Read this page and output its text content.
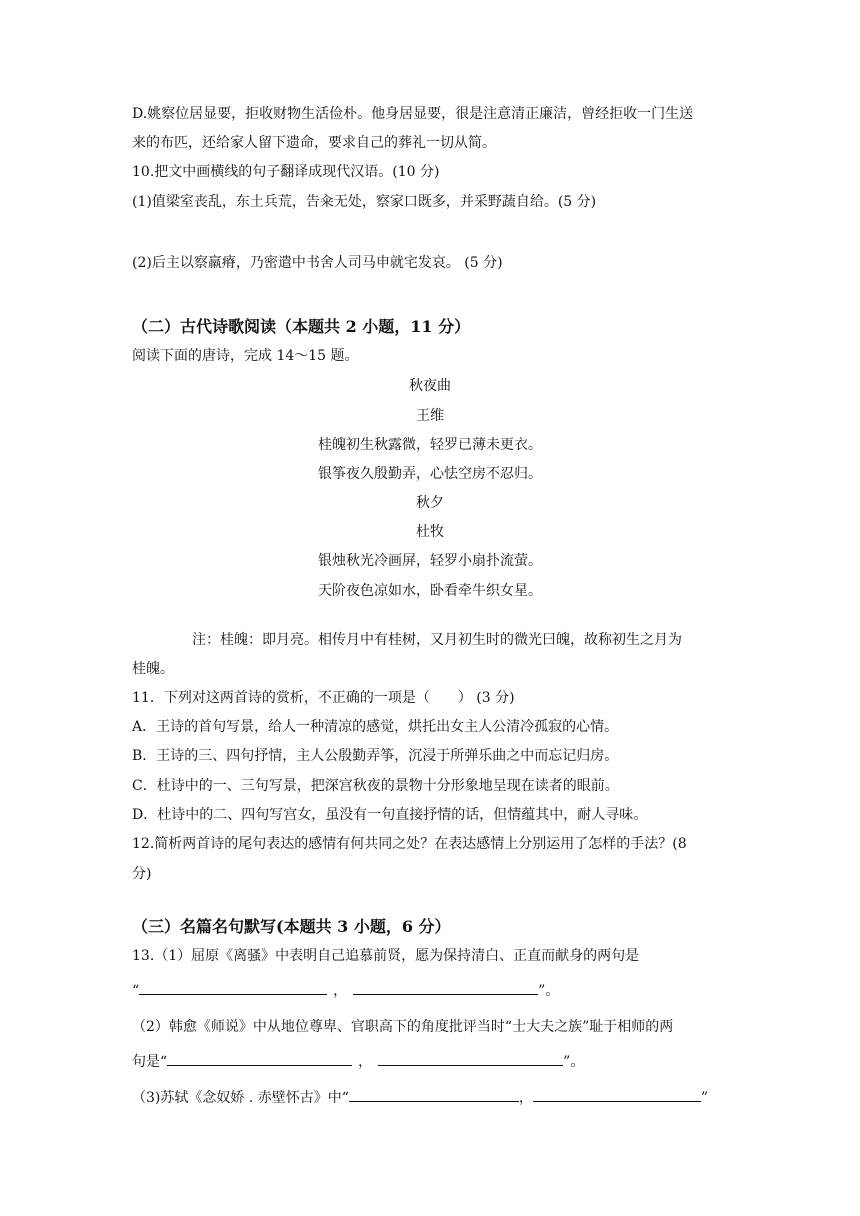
D.姚察位居显要，拒收财物生活俭朴。他身居显要，很是注意清正廉洁，曾经拒收一门生送
来的布匹，还给家人留下遗命，要求自己的葬礼一切从简。
10.把文中画横线的句子翻译成现代汉语。(10 分)
(1)值梁室丧乱，东土兵荒，告籴无处，察家口既多，并采野蔬自给。(5 分)
(2)后主以察羸瘠，乃密遣中书舍人司马申就宅发哀。 (5 分)
（二）古代诗歌阅读（本题共 2 小题，11 分）
阅读下面的唐诗，完成 14～15 题。
秋夜曲
王维
桂魄初生秋露微，轻罗已薄未更衣。
银筝夜久殷勤弄，心怯空房不忍归。
秋夕
杜牧
银烛秋光冷画屏，轻罗小扇扑流萤。
天阶夜色凉如水，卧看牵牛织女星。
注：桂魄：即月亮。相传月中有桂树，又月初生时的微光曰魄，故称初生之月为
桂魄。
11．下列对这两首诗的赏析，不正确的一项是（　　） (3 分)
A．王诗的首句写景，给人一种清凉的感觉，烘托出女主人公清冷孤寂的心情。
B．王诗的三、四句抒情，主人公殷勤弄筝，沉浸于所弹乐曲之中而忘记归房。
C．杜诗中的一、三句写景，把深宫秋夜的景物十分形象地呈现在读者的眼前。
D．杜诗中的二、四句写宫女，虽没有一句直接抒情的话，但情蕴其中，耐人寻味。
12.简析两首诗的尾句表达的感情有何共同之处？在表达感情上分别运用了怎样的手法？(8
分)
（三）名篇名句默写(本题共 3 小题，6 分）
13.（1）屈原《离骚》中表明自己追慕前贤，愿为保持清白、正直而献身的两句是
“	，	”。
（2）韩愈《师说》中从地位尊卑、官职高下的角度批评当时“士大夫之族”耻于相师的两
句是“	，	”。
（3)苏轼《念奴娇 . 赤壁怀古》中“	，	”
